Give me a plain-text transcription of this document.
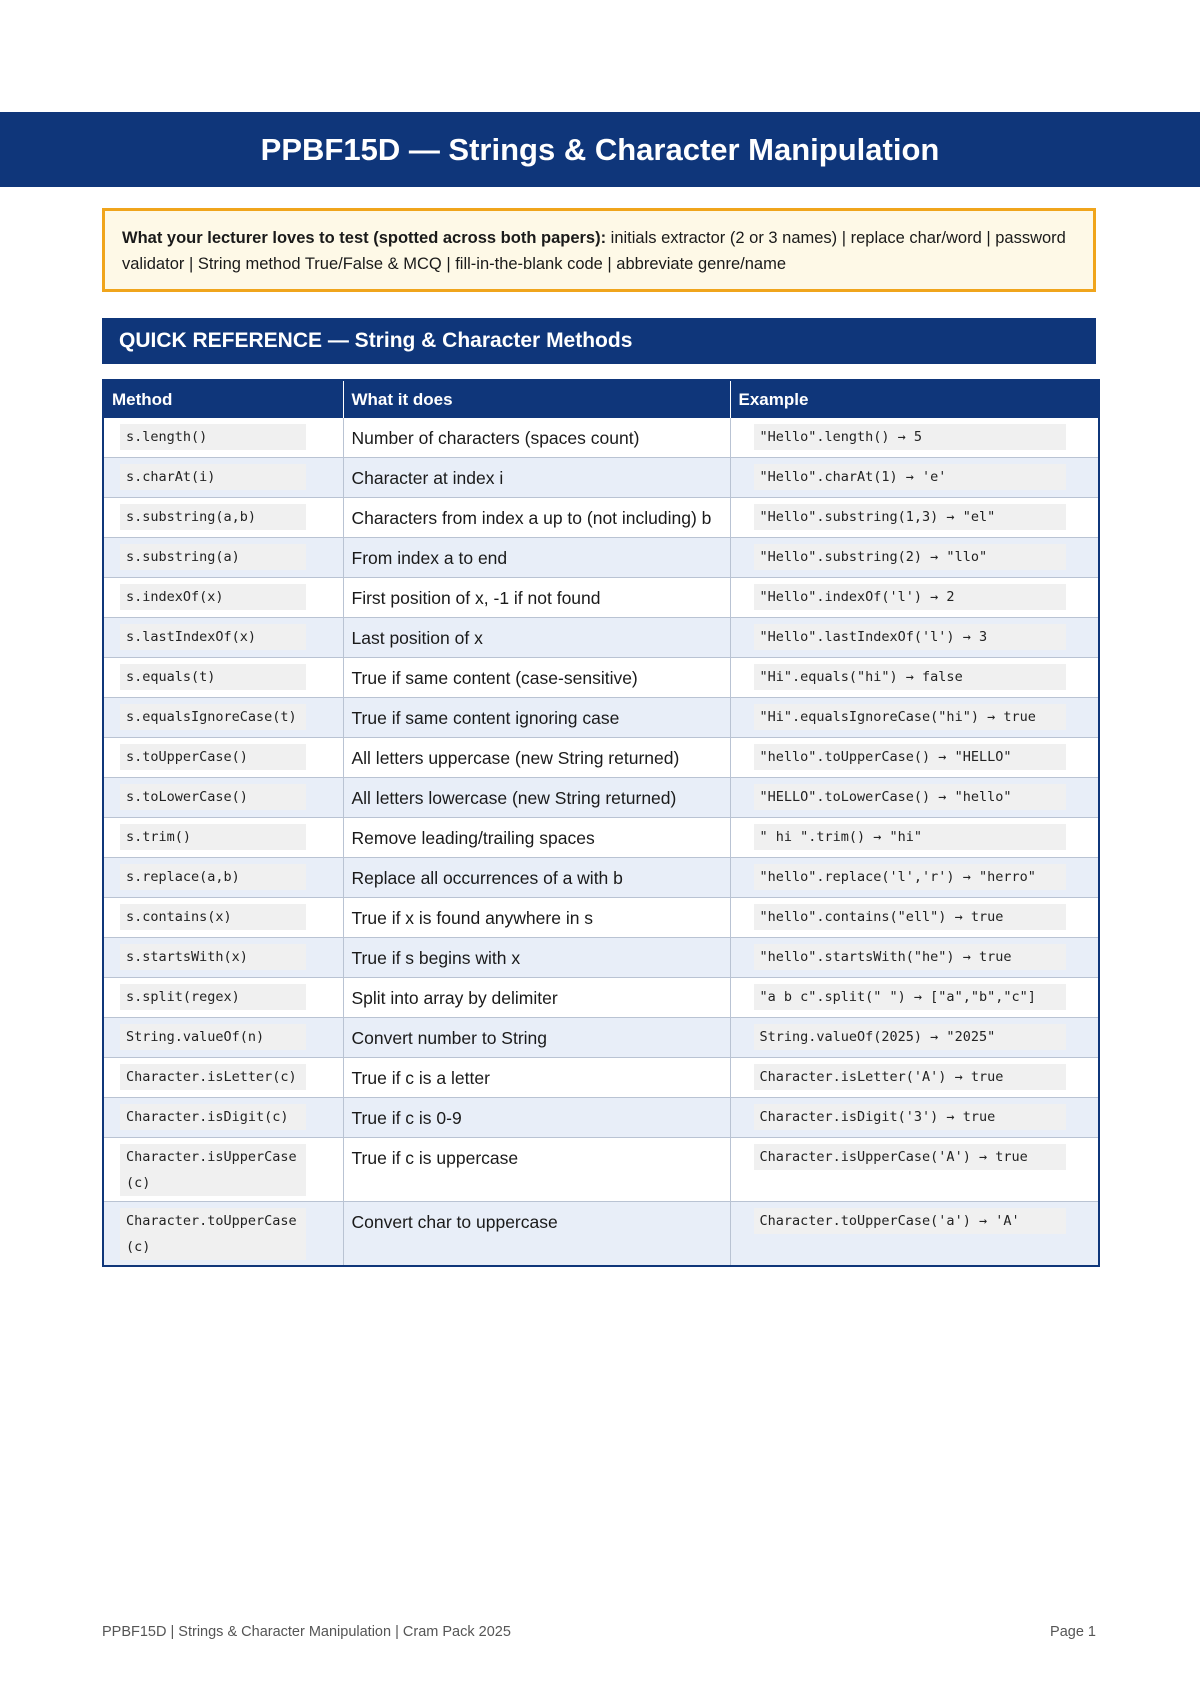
PPBF15D — Strings & Character Manipulation
What your lecturer loves to test (spotted across both papers): initials extractor (2 or 3 names) | replace char/word | password validator | String method True/False & MCQ | fill-in-the-blank code | abbreviate genre/name
QUICK REFERENCE — String & Character Methods
Method	What it does	Example

s.length()	Number of characters (spaces count)	"Hello".length() → 5

s.charAt(i)	Character at index i	"Hello".charAt(1) → 'e'

s.substring(a,b)	Characters from index a up to (not including) b	"Hello".substring(1,3) → "el"

s.substring(a)	From index a to end	"Hello".substring(2) → "llo"

s.indexOf(x)	First position of x, -1 if not found	"Hello".indexOf('l') → 2

s.lastIndexOf(x)	Last position of x	"Hello".lastIndexOf('l') → 3

s.equals(t)	True if same content (case-sensitive)	"Hi".equals("hi") → false

s.equalsIgnoreCase(t)	True if same content ignoring case	"Hi".equalsIgnoreCase("hi") → true

s.toUpperCase()	All letters uppercase (new String returned)	"hello".toUpperCase() → "HELLO"

s.toLowerCase()	All letters lowercase (new String returned)	"HELLO".toLowerCase() → "hello"

s.trim()	Remove leading/trailing spaces	" hi ".trim() → "hi"

s.replace(a,b)	Replace all occurrences of a with b	"hello".replace('l','r') → "herro"

s.contains(x)	True if x is found anywhere in s	"hello".contains("ell") → true

s.startsWith(x)	True if s begins with x	"hello".startsWith("he") → true

s.split(regex)	Split into array by delimiter	"a b c".split(" ") → ["a","b","c"]

String.valueOf(n)	Convert number to String	String.valueOf(2025) → "2025"

Character.isLetter(c)	True if c is a letter	Character.isLetter('A') → true

Character.isDigit(c)	True if c is 0-9	Character.isDigit('3') → true

Character.isUpperCase(c)	True if c is uppercase	Character.isUpperCase('A') → true

Character.toUpperCase(c)	Convert char to uppercase	Character.toUpperCase('a') → 'A'
PPBF15D | Strings & Character Manipulation | Cram Pack 2025	Page 1
